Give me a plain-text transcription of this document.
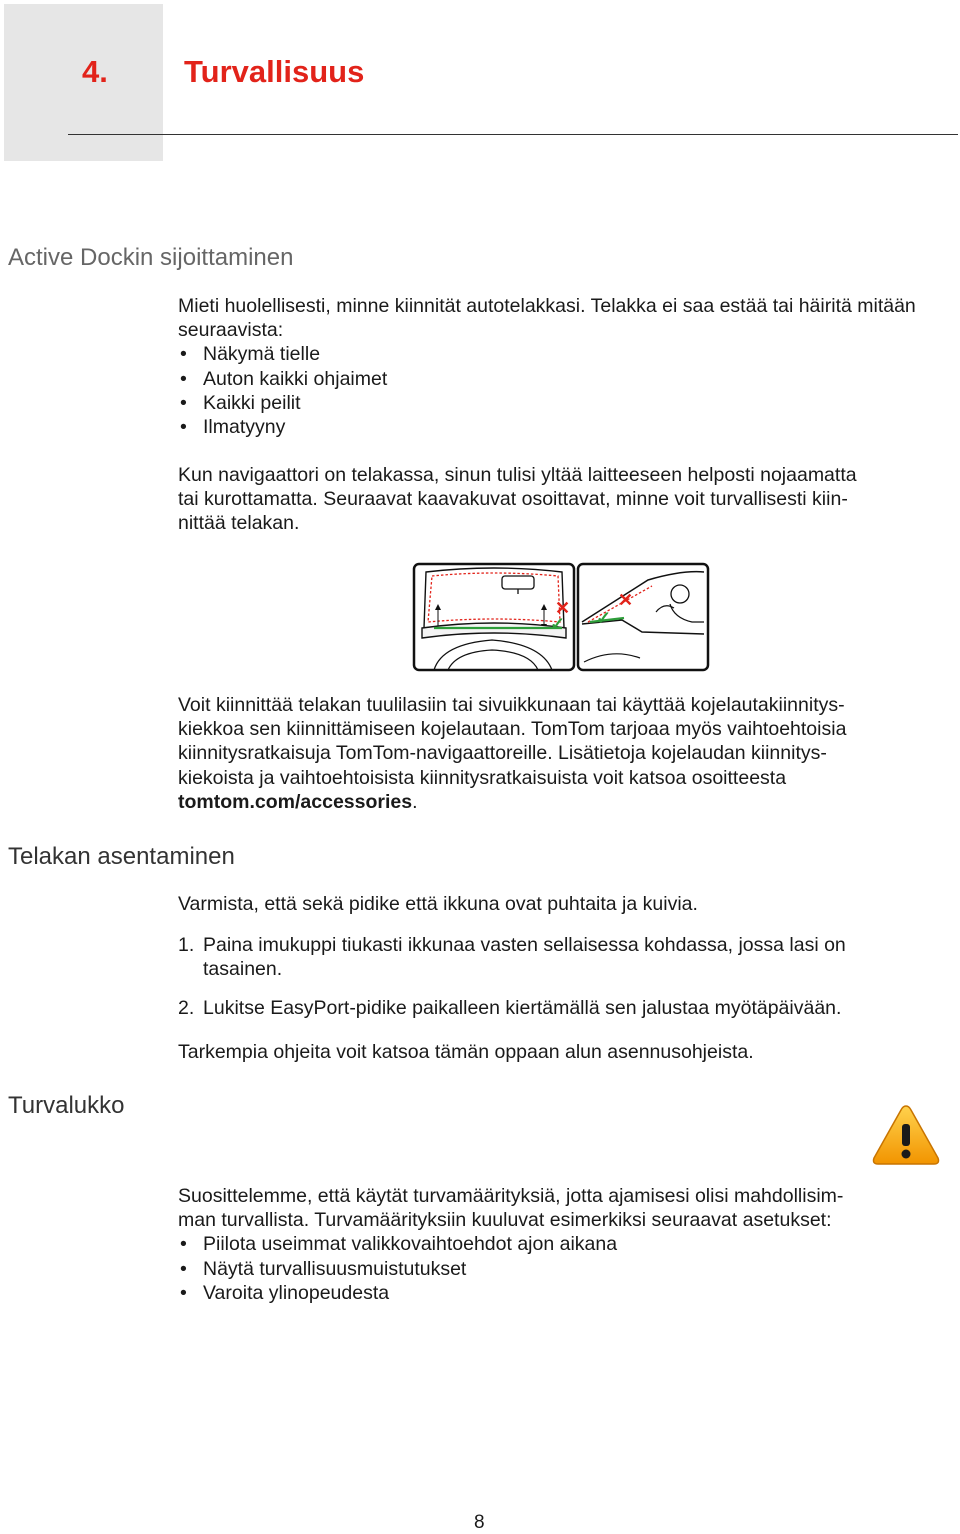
4. Turvallisuus
Active Dockin sijoittaminen

Mieti huolellisesti, minne kiinnität autotelakkasi. Telakka ei saa estää tai häiritä mitään seuraavista:

• Näkymä tielle
• Auton kaikki ohjaimet
• Kaikki peilit
• Ilmatyyny

Kun navigaattori on telakassa, sinun tulisi yltää laitteeseen helposti nojaamatta

tai kurottamatta. Seuraavat kaavakuvat osoittavat, minne voit turvallisesti kiin-

nittää telakan.

✕
✓
✕
✓

Voit kiinnittää telakan tuulilasiin tai sivuikkunaan tai käyttää kojelautakiinnitys-

kiekkoa sen kiinnittämiseen kojelautaan. TomTom tarjoaa myös vaihtoehtoisia

kiinnitysratkaisuja TomTom-navigaattoreille. Lisätietoja kojelaudan kiinnitys-

kiekoista ja vaihtoehtoisista kiinnitysratkaisuista voit katsoa osoitteesta

tomtom.com/accessories.

Telakan asentaminen
Varmista, että sekä pidike että ikkuna ovat puhtaita ja kuivia.
1. Paina imukuppi tiukasti ikkunaa vasten sellaisessa kohdassa, jossa lasi on
tasainen.
2. Lukitse EasyPort-pidike paikalleen kiertämällä sen jalustaa myötäpäivään.
Tarkempia ohjeita voit katsoa tämän oppaan alun asennusohjeista.
Turvalukko

Suosittelemme, että käytät turvamäärityksiä, jotta ajamisesi olisi mahdollisim-

man turvallista. Turvamäärityksiin kuuluvat esimerkiksi seuraavat asetukset:

• Piilota useimmat valikkovaihtoehdot ajon aikana
• Näytä turvallisuusmuistutukset
• Varoita ylinopeudesta
8
